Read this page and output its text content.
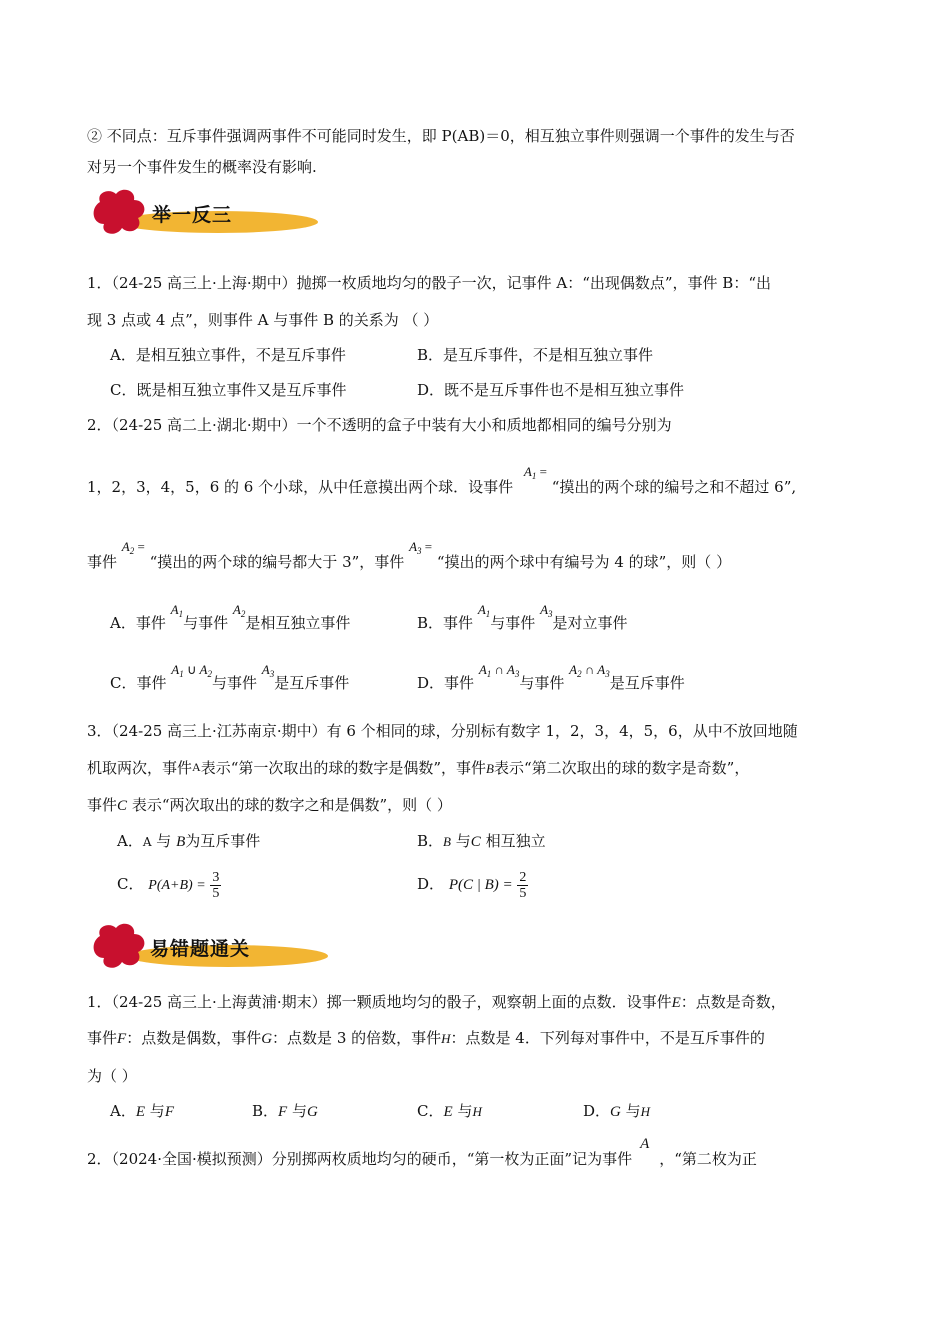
② 不同点：互斥事件强调两事件不可能同时发生，即 P(AB)＝0，相互独立事件则强调一个事件的发生与否
对另一个事件发生的概率没有影响.
举一反三
1．（24-25 高三上·上海·期中）抛掷一枚质地均匀的骰子一次，记事件 A：“出现偶数点”，事件 B：“出
现 3 点或 4 点”，则事件 A 与事件 B 的关系为 （ ）
A．是相互独立事件，不是互斥事件	B．是互斥事件，不是相互独立事件
C．既是相互独立事件又是互斥事件	D．既不是互斥事件也不是相互独立事件
2．（24-25 高二上·湖北·期中）一个不透明的盒子中装有大小和质地都相同的编号分别为
1，2，3，4，5，6 的 6 个小球，从中任意摸出两个球．设事件 $A_1$ = “摸出的两个球的编号之和不超过 6”,
事件 $A_2$ = “摸出的两个球的编号都大于 3”，事件 $A_3$ = “摸出的两个球中有编号为 4 的球”，则（ ）
A．事件 $A_1$与事件 $A_2$是相互独立事件	B．事件 $A_1$与事件 $A_3$是对立事件
C．事件 $A_1$ ∪ $A_2$与事件 $A_3$是互斥事件	D．事件 $A_1$ ∩ $A_3$与事件 $A_2$ ∩ $A_3$是互斥事件
3．（24-25 高三上·江苏南京·期中）有 6 个相同的球，分别标有数字 1，2，3，4，5，6，从中不放回地随
机取两次，事件A表示“第一次取出的球的数字是偶数”，事件B表示“第二次取出的球的数字是奇数”，
事件C 表示“两次取出的球的数字之和是偶数”，则（ ）
A．A 与 B为互斥事件	B．B 与C 相互独立
C． $P(A+B) = \frac{3}{5}$	D． P(C | $B) = \frac{2}{5}$
易错题通关
1．（24-25 高三上·上海黄浦·期末）掷一颗质地均匀的骰子，观察朝上面的点数．设事件E：点数是奇数，
事件F：点数是偶数，事件G：点数是 3 的倍数，事件H：点数是 4．下列每对事件中，不是互斥事件的
为（ ）
A．E 与F	B．F 与G	C．E 与H	D．G 与H
2．（2024·全国·模拟预测）分别掷两枚质地均匀的硬币，“第一枚为正面”记为事件A，“第二枚为正
